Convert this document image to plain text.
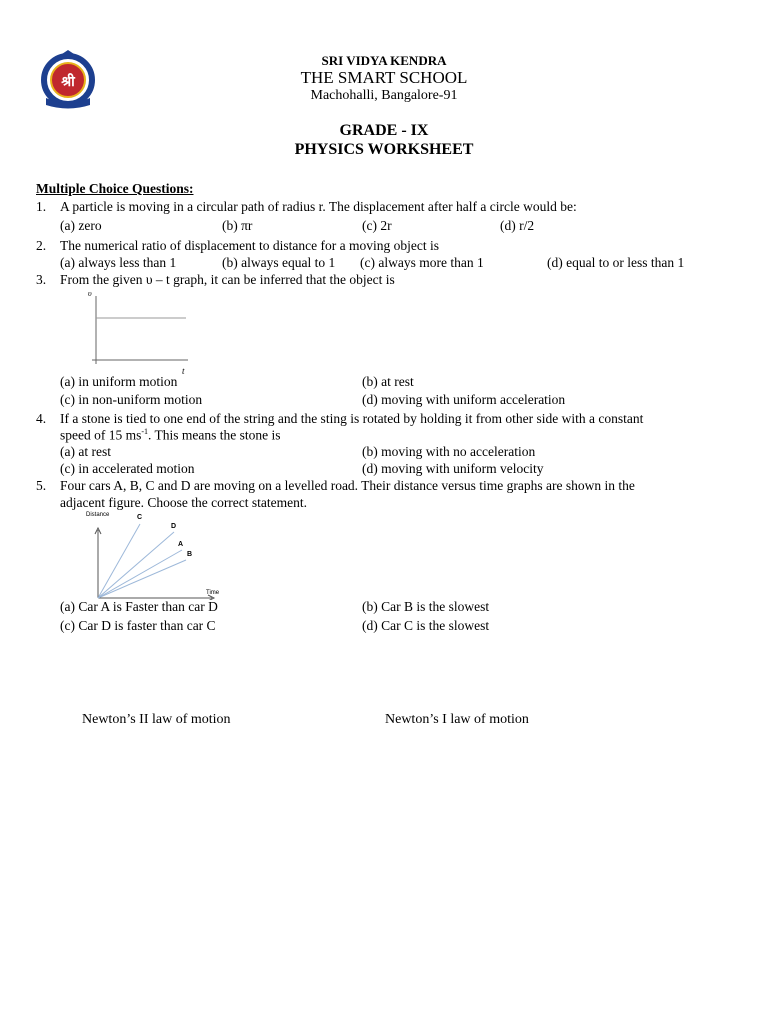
श्री
SRI VIDYA KENDRA
THE SMART SCHOOL
Machohalli, Bangalore-91
GRADE - IX
PHYSICS WORKSHEET
Multiple Choice Questions:
1. A particle is moving in a circular path of radius r. The displacement after half a circle would be:
(a) zero	(b) πr	(c) 2r	(d) r/2
2. The numerical ratio of displacement to distance for a moving object is
(a) always less than 1	(b) always equal to 1 (c) always more than 1	(d) equal to or less than 1
3. From the given υ – t graph, it can be inferred that the object is
υ
t
(a) in uniform motion	(b) at rest
(c) in non-uniform motion	(d) moving with uniform acceleration
4. If a stone is tied to one end of the string and the sting is rotated by holding it from other side with a constant
speed of 15 $ms^{-1}$. This means the stone is
(a) at rest	(b) moving with no acceleration
(c) in accelerated motion	(d) moving with uniform velocity
5. Four cars A, B, C and D are moving on a levelled road. Their distance versus time graphs are shown in the
adjacent figure. Choose the correct statement.
Distance
Time
C
D
A
B
(a) Car A is Faster than car D	(b) Car B is the slowest
(c) Car D is faster than car C	(d) Car C is the slowest
Newton’s II law of motion	Newton’s I law of motion
